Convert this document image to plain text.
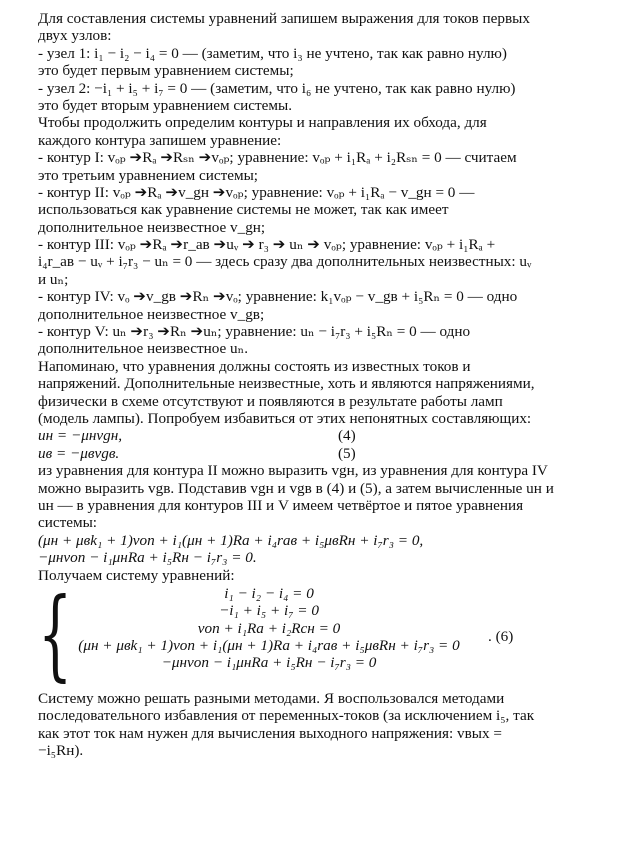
Для составления системы уравнений запишем выражения для токов первых
двух узлов:
- узел 1: i₁ − i₂ − i₄ = 0 — (заметим, что i₃ не учтено, так как равно нулю)
это будет первым уравнением системы;
- узел 2: −i₁ + i₅ + i₇ = 0 — (заметим, что i₆ не учтено, так как равно нулю)
это будет вторым уравнением системы.
Чтобы продолжить определим контуры и направления их обхода, для
каждого контура запишем уравнение:
- контур I: vₒₚ ➔Rₐ ➔Rₛₙ ➔vₒₚ; уравнение: vₒₚ + i₁Rₐ + i₂Rₛₙ = 0 — считаем
это третьим уравнением системы;
- контур II: vₒₚ ➔Rₐ ➔v_gн ➔vₒₚ; уравнение: vₒₚ + i₁Rₐ − v_gн = 0 —
использоваться как уравнение системы не может, так как имеет
дополнительное неизвестное v_gн;
- контур III: vₒₚ ➔Rₐ ➔r_ав ➔uᵥ ➔ r₃ ➔ uₙ ➔ vₒₚ; уравнение: vₒₚ + i₁Rₐ +
i₄r_ав − uᵥ + i₇r₃ − uₙ = 0 — здесь сразу два дополнительных неизвестных: uᵥ
и uₙ;
- контур IV: vₒ ➔v_gв ➔Rₙ ➔vₒ; уравнение: k₁vₒₚ − v_gв + i₅Rₙ = 0 — одно
дополнительное неизвестное v_gв;
- контур V: uₙ ➔r₃ ➔Rₙ ➔uₙ; уравнение: uₙ − i₇r₃ + i₅Rₙ = 0 — одно
дополнительное неизвестное uₙ.
Напоминаю, что уравнения должны состоять из известных токов и
напряжений. Дополнительные неизвестные, хоть и являются напряжениями,
физически в схеме отсутствуют и появляются в результате работы ламп
(модель лампы). Попробуем избавиться от этих непонятных составляющих:
uн = −μнvgн,	(4)
uв = −μвvgв.	(5)
из уравнения для контура II можно выразить vgн, из уравнения для контура IV
можно выразить vgв. Подставив vgн и vgв в (4) и (5), а затем вычисленные uн и
uн — в уравнения для контуров III и V имеем четвёртое и пятое уравнения
системы:
(μн + μвk₁ + 1)vоп + i₁(μн + 1)Rа + i₄rав + i₅μвRн + i₇r₃ = 0,
−μнvоп − i₁μнRа + i₅Rн − i₇r₃ = 0.
Получаем систему уравнений:
{	i₁ − i₂ − i₄ = 0
−i₁ + i₅ + i₇ = 0
vоп + i₁Rа + i₂Rсн = 0
(μн + μвk₁ + 1)vоп + i₁(μн + 1)Rа + i₄rав + i₅μвRн + i₇r₃ = 0
−μнvоп − i₁μнRа + i₅Rн − i₇r₃ = 0
. (6)
Систему можно решать разными методами. Я воспользовался методами
последовательного избавления от переменных-токов (за исключением i₅, так
как этот ток нам нужен для вычисления выходного напряжения: vвых =
−i₅Rн).
